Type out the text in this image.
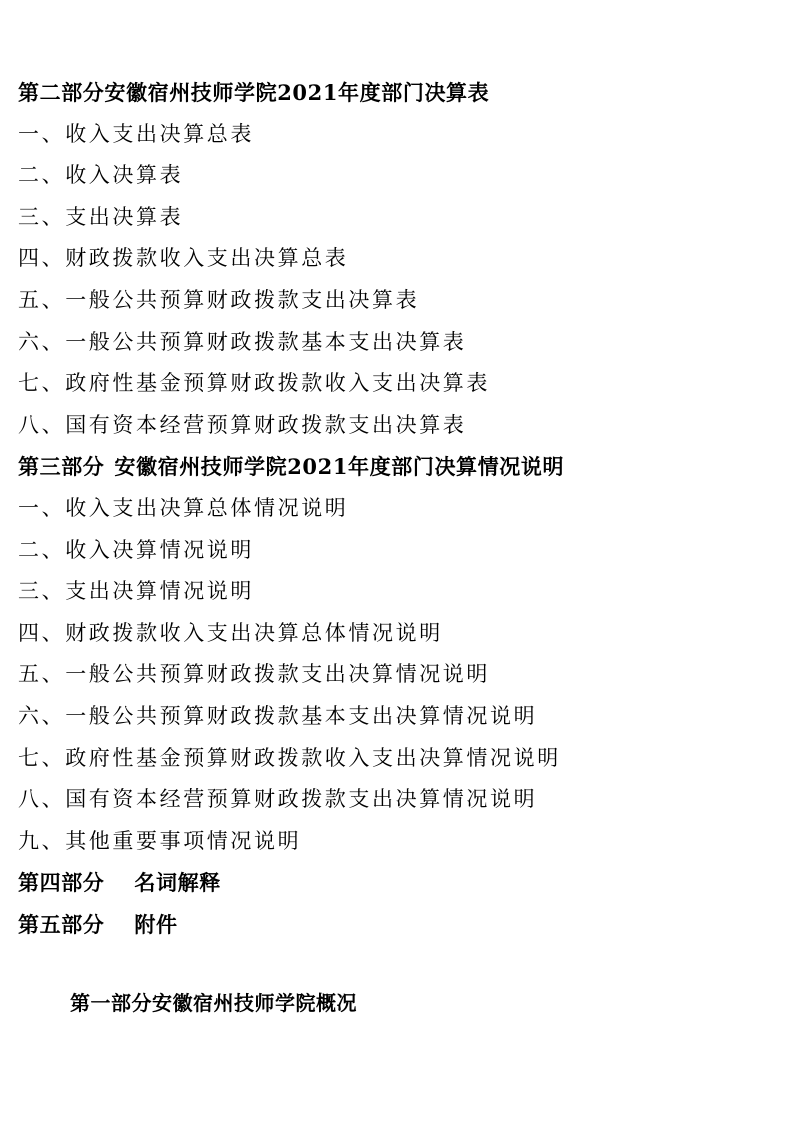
第二部分安徽宿州技师学院2021年度部门决算表
一、收入支出决算总表
二、收入决算表
三、支出决算表
四、财政拨款收入支出决算总表
五、一般公共预算财政拨款支出决算表
六、一般公共预算财政拨款基本支出决算表
七、政府性基金预算财政拨款收入支出决算表
八、国有资本经营预算财政拨款支出决算表
第三部分 安徽宿州技师学院2021年度部门决算情况说明
一、收入支出决算总体情况说明
二、收入决算情况说明
三、支出决算情况说明
四、财政拨款收入支出决算总体情况说明
五、一般公共预算财政拨款支出决算情况说明
六、一般公共预算财政拨款基本支出决算情况说明
七、政府性基金预算财政拨款收入支出决算情况说明
八、国有资本经营预算财政拨款支出决算情况说明
九、其他重要事项情况说明
第四部分 名词解释
第五部分 附件
第一部分安徽宿州技师学院概况
